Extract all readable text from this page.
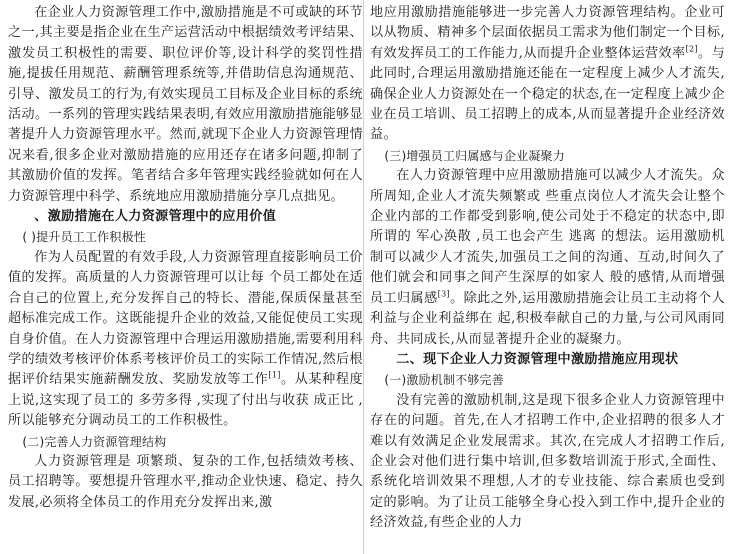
在企业人力资源管理工作中,激励措施是不可或缺的环节之一,其主要是指企业在生产运营活动中根据绩效考评结果、激发员工积极性的需要、职位评价等,设计科学的奖罚性措施,提拔任用规范、薪酬管理系统等,并借助信息沟通规范、引导、激发员工的行为,有效实现员工目标及企业目标的系统活动。一系列的管理实践结果表明,有效应用激励措施能够显著提升人力资源管理水平。然而,就现下企业人力资源管理情况来看,很多企业对激励措施的应用还存在诸多问题,抑制了其激励价值的发挥。笔者结合多年管理实践经验就如何在人力资源管理中科学、系统地应用激励措施分享几点拙见。

、激励措施在人力资源管理中的应用价值
( )提升员工工作积极性

作为人员配置的有效手段,人力资源管理直接影响员工价值的发挥。高质量的人力资源管理可以让每 个员工都处在适合自己的位置上,充分发挥自己的特长、潜能,保质保量甚至超标准完成工作。这既能提升企业的效益,又能促使员工实现自身价值。在人力资源管理中合理运用激励措施,需要利用科学的绩效考核评价体系考核评价员工的实际工作情况,然后根据评价结果实施薪酬发放、奖励发放等工作[1]。从某种程度上说,这实现了员工的 多劳多得 ,实现了付出与收获 成正比 ,所以能够充分调动员工的工作积极性。

(二)完善人力资源管理结构

人力资源管理是 项繁琐、复杂的工作,包括绩效考核、员工招聘等。要想提升管理水平,推动企业快速、稳定、持久发展,必须将全体员工的作用充分发挥出来,激

地应用激励措施能够进一步完善人力资源管理结构。企业可以从物质、精神多个层面依据员工需求为他们制定一个目标,有效发挥员工的工作能力,从而提升企业整体运营效率[2]。与此同时,合理运用激励措施还能在一定程度上减少人才流失,确保企业人力资源处在一个稳定的状态,在一定程度上减少企业在员工培训、员工招聘上的成本,从而显著提升企业经济效益。

(三)增强员工归属感与企业凝聚力

在人力资源管理中应用激励措施可以减少人才流失。众所周知,企业人才流失频繁或 些重点岗位人才流失会让整个企业内部的工作都受到影响,使公司处于不稳定的状态中,即所谓的 军心涣散 ,员工也会产生 逃离 的想法。运用激励机制可以减少人才流失,加强员工之间的沟通、互动,时间久了他们就会和同事之间产生深厚的如家人 般的感情,从而增强员工归属感[3]。除此之外,运用激励措施会让员工主动将个人利益与企业利益绑在 起,积极奉献自己的力量,与公司风雨同舟、共同成长,从而显著提升企业的凝聚力。

二、现下企业人力资源管理中激励措施应用现状
(一)激励机制不够完善

没有完善的激励机制,这是现下很多企业人力资源管理中存在的问题。首先,在人才招聘工作中,企业招聘的很多人才难以有效满足企业发展需求。其次,在完成人才招聘工作后,企业会对他们进行集中培训,但多数培训流于形式,全面性、系统化培训效果不理想,人才的专业技能、综合素质也受到 定的影响。为了让员工能够全身心投入到工作中,提升企业的经济效益,有些企业的人力
